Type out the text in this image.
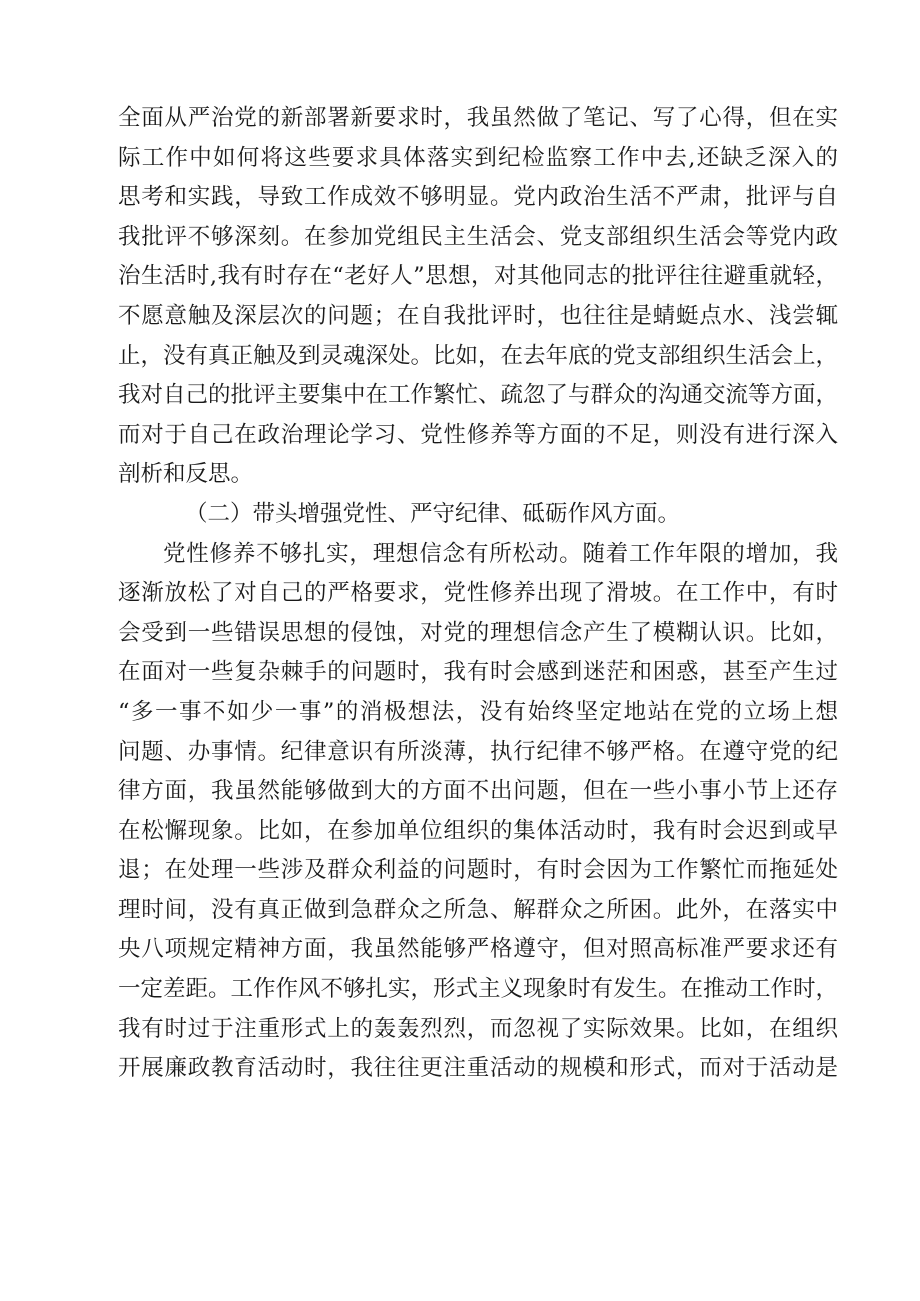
全面从严治党的新部署新要求时，我虽然做了笔记、写了心得，但在实
际工作中如何将这些要求具体落实到纪检监察工作中去,还缺乏深入的
思考和实践，导致工作成效不够明显。党内政治生活不严肃，批评与自
我批评不够深刻。在参加党组民主生活会、党支部组织生活会等党内政
治生活时,我有时存在“老好人”思想，对其他同志的批评往往避重就轻，
不愿意触及深层次的问题；在自我批评时，也往往是蜻蜓点水、浅尝辄
止，没有真正触及到灵魂深处。比如，在去年底的党支部组织生活会上，
我对自己的批评主要集中在工作繁忙、疏忽了与群众的沟通交流等方面，
而对于自己在政治理论学习、党性修养等方面的不足，则没有进行深入
剖析和反思。
（二）带头增强党性、严守纪律、砥砺作风方面。
党性修养不够扎实，理想信念有所松动。随着工作年限的增加，我
逐渐放松了对自己的严格要求，党性修养出现了滑坡。在工作中，有时
会受到一些错误思想的侵蚀，对党的理想信念产生了模糊认识。比如，
在面对一些复杂棘手的问题时，我有时会感到迷茫和困惑，甚至产生过
“多一事不如少一事”的消极想法，没有始终坚定地站在党的立场上想
问题、办事情。纪律意识有所淡薄，执行纪律不够严格。在遵守党的纪
律方面，我虽然能够做到大的方面不出问题，但在一些小事小节上还存
在松懈现象。比如，在参加单位组织的集体活动时，我有时会迟到或早
退；在处理一些涉及群众利益的问题时，有时会因为工作繁忙而拖延处
理时间，没有真正做到急群众之所急、解群众之所困。此外，在落实中
央八项规定精神方面，我虽然能够严格遵守，但对照高标准严要求还有
一定差距。工作作风不够扎实，形式主义现象时有发生。在推动工作时，
我有时过于注重形式上的轰轰烈烈，而忽视了实际效果。比如，在组织
开展廉政教育活动时，我往往更注重活动的规模和形式，而对于活动是
